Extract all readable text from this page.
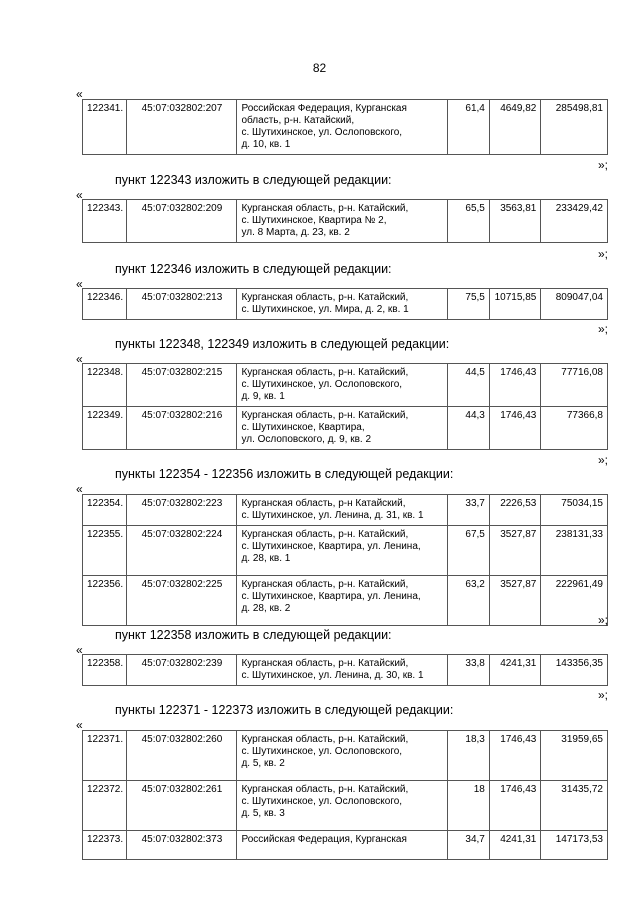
82
«
122341.	45:07:032802:207	Российская Федерация, Курганская
область, р-н. Катайский,
с. Шутихинское, ул. Ослоповского,
д. 10, кв. 1
	61,4	4649,82	285498,81
»;
пункт 122343 изложить в следующей редакции:
«
122343.	45:07:032802:209	Курганская область, р-н. Катайский,
с. Шутихинское, Квартира № 2,
ул. 8 Марта, д. 23, кв. 2
	65,5	3563,81	233429,42
»;
пункт 122346 изложить в следующей редакции:
«
122346.	45:07:032802:213	Курганская область, р-н. Катайский,
с. Шутихинское, ул. Мира, д. 2, кв. 1
	75,5	10715,85	809047,04
»;
пункты 122348, 122349 изложить в следующей редакции:
«
122348.	45:07:032802:215	Курганская область, р-н. Катайский,
с. Шутихинское, ул. Ослоповского,
д. 9, кв. 1	44,5	1746,43	77716,08
122349.	45:07:032802:216	Курганская область, р-н. Катайский,
с. Шутихинское, Квартира,
ул. Ослоповского, д. 9, кв. 2	44,3	1746,43	77366,8
»;
пункты 122354 - 122356 изложить в следующей редакции:
«
122354.	45:07:032802:223	Курганская область, р-н Катайский,
с. Шутихинское, ул. Ленина, д. 31, кв. 1	33,7	2226,53	75034,15
122355.	45:07:032802:224	Курганская область, р-н. Катайский,
с. Шутихинское, Квартира, ул. Ленина,
д. 28, кв. 1	67,5	3527,87	238131,33
122356.	45:07:032802:225	Курганская область, р-н. Катайский,
с. Шутихинское, Квартира, ул. Ленина,
д. 28, кв. 2	63,2	3527,87	222961,49
»;
пункт 122358 изложить в следующей редакции:
«
122358.	45:07:032802:239	Курганская область, р-н. Катайский,
с. Шутихинское, ул. Ленина, д. 30, кв. 1
	33,8	4241,31	143356,35
»;
пункты 122371 - 122373 изложить в следующей редакции:
«
122371.	45:07:032802:260	Курганская область, р-н. Катайский,
с. Шутихинское, ул. Ослоповского,
д. 5, кв. 2	18,3	1746,43	31959,65
122372.	45:07:032802:261	Курганская область, р-н. Катайский,
с. Шутихинское, ул. Ослоповского,
д. 5, кв. 3	18	1746,43	31435,72
122373.	45:07:032802:373	Российская Федерация, Курганская	34,7	4241,31	147173,53
